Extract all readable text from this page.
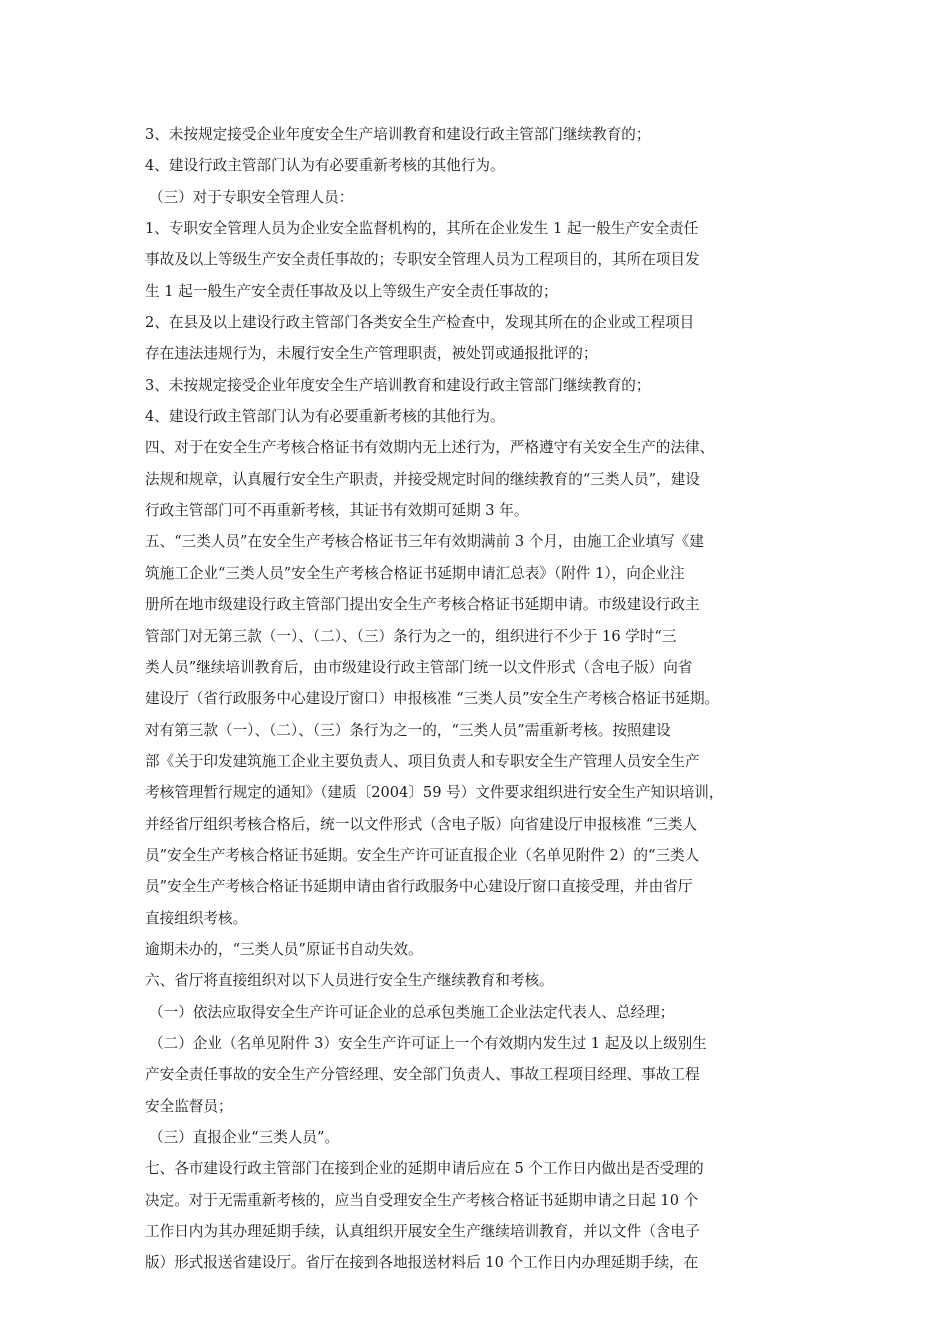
3、未按规定接受企业年度安全生产培训教育和建设行政主管部门继续教育的；
4、建设行政主管部门认为有必要重新考核的其他行为。
（三）对于专职安全管理人员：
1、专职安全管理人员为企业安全监督机构的，其所在企业发生 1 起一般生产安全责任
事故及以上等级生产安全责任事故的；专职安全管理人员为工程项目的，其所在项目发
生 1 起一般生产安全责任事故及以上等级生产安全责任事故的；
2、在县及以上建设行政主管部门各类安全生产检查中，发现其所在的企业或工程项目
存在违法违规行为，未履行安全生产管理职责，被处罚或通报批评的；
3、未按规定接受企业年度安全生产培训教育和建设行政主管部门继续教育的；
4、建设行政主管部门认为有必要重新考核的其他行为。
四、对于在安全生产考核合格证书有效期内无上述行为，严格遵守有关安全生产的法律、
法规和规章，认真履行安全生产职责，并接受规定时间的继续教育的“三类人员”，建设
行政主管部门可不再重新考核，其证书有效期可延期 3 年。
五、“三类人员”在安全生产考核合格证书三年有效期满前 3 个月，由施工企业填写《建
筑施工企业“三类人员”安全生产考核合格证书延期申请汇总表》（附件 1），向企业注
册所在地市级建设行政主管部门提出安全生产考核合格证书延期申请。市级建设行政主
管部门对无第三款（一）、（二）、（三）条行为之一的，组织进行不少于 16 学时“三
类人员”继续培训教育后，由市级建设行政主管部门统一以文件形式（含电子版）向省
建设厅（省行政服务中心建设厅窗口）申报核准 “三类人员”安全生产考核合格证书延期。
对有第三款（一）、（二）、（三）条行为之一的，“三类人员”需重新考核。按照建设
部《关于印发建筑施工企业主要负责人、项目负责人和专职安全生产管理人员安全生产
考核管理暂行规定的通知》（建质〔2004〕59 号）文件要求组织进行安全生产知识培训，
并经省厅组织考核合格后，统一以文件形式（含电子版）向省建设厅申报核准 “三类人
员”安全生产考核合格证书延期。安全生产许可证直报企业（名单见附件 2）的“三类人
员”安全生产考核合格证书延期申请由省行政服务中心建设厅窗口直接受理，并由省厅
直接组织考核。
逾期未办的，“三类人员”原证书自动失效。
六、省厅将直接组织对以下人员进行安全生产继续教育和考核。
（一）依法应取得安全生产许可证企业的总承包类施工企业法定代表人、总经理；
（二）企业（名单见附件 3）安全生产许可证上一个有效期内发生过 1 起及以上级别生
产安全责任事故的安全生产分管经理、安全部门负责人、事故工程项目经理、事故工程
安全监督员；
（三）直报企业“三类人员”。
七、各市建设行政主管部门在接到企业的延期申请后应在 5 个工作日内做出是否受理的
决定。对于无需重新考核的，应当自受理安全生产考核合格证书延期申请之日起 10 个
工作日内为其办理延期手续，认真组织开展安全生产继续培训教育，并以文件（含电子
版）形式报送省建设厅。省厅在接到各地报送材料后 10 个工作日内办理延期手续，在
